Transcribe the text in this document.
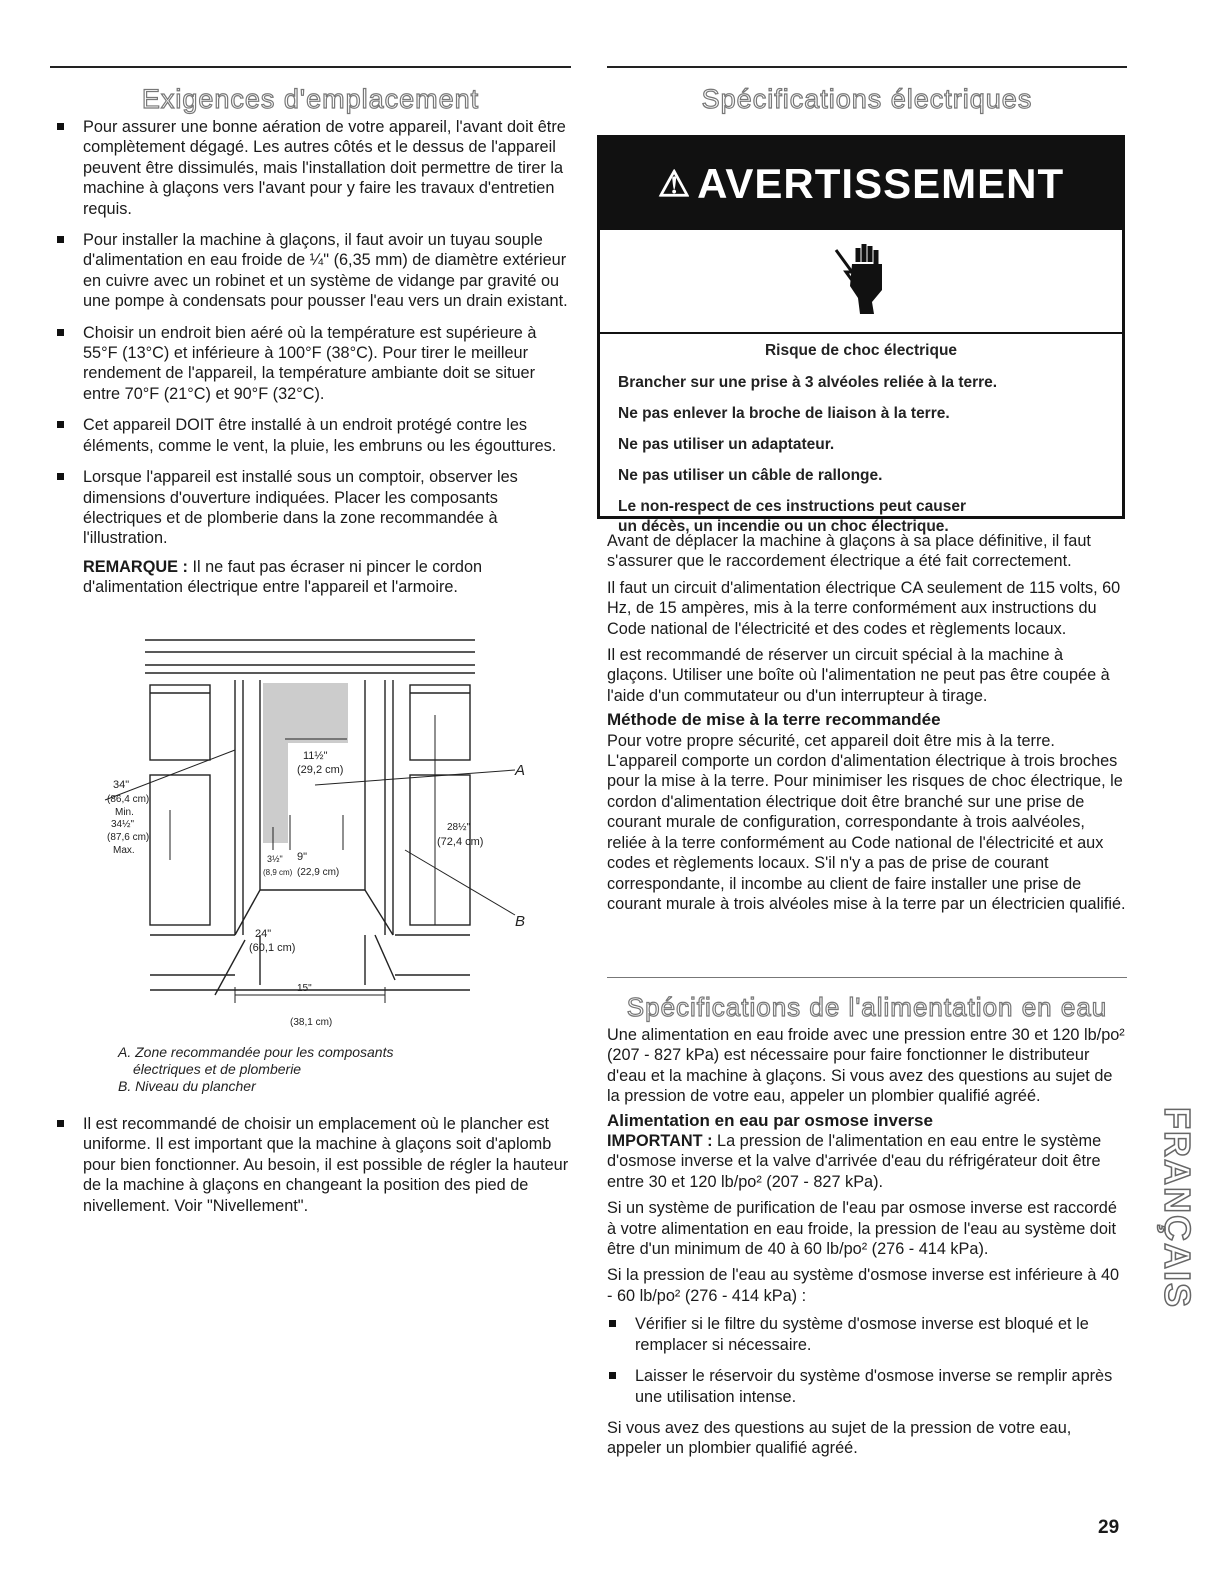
Exigences d'emplacement
Pour assurer une bonne aération de votre appareil, l'avant doit être complètement dégagé. Les autres côtés et le dessus de l'appareil peuvent être dissimulés, mais l'installation doit permettre de tirer la machine à glaçons vers l'avant pour y faire les travaux d'entretien requis.
Pour installer la machine à glaçons, il faut avoir un tuyau souple d'alimentation en eau froide de ¼" (6,35 mm) de diamètre extérieur en cuivre avec un robinet et un système de vidange par gravité ou une pompe à condensats pour pousser l'eau vers un drain existant.
Choisir un endroit bien aéré où la température est supérieure à 55°F (13°C) et inférieure à 100°F (38°C). Pour tirer le meilleur rendement de l'appareil, la température ambiante doit se situer entre 70°F (21°C) et 90°F (32°C).
Cet appareil DOIT être installé à un endroit protégé contre les éléments, comme le vent, la pluie, les embruns ou les égouttures.
Lorsque l'appareil est installé sous un comptoir, observer les dimensions d'ouverture indiquées. Placer les composants électriques et de plomberie dans la zone recommandée à l'illustration.

REMARQUE : Il ne faut pas écraser ni pincer le cordon d'alimentation électrique entre l'appareil et l'armoire.

34"
(86,4 cm)
Min.
34½"
(87,6 cm)
Max.
11½"
(29,2 cm)	A
28½"
(72,4 cm)
3½" 9"
(8,9 cm) (22,9 cm)
B
24"
(60,1 cm)
15"
(38,1 cm)
A. Zone recommandée pour les composants
électriques et de plomberie
B. Niveau du plancher
Il est recommandé de choisir un emplacement où le plancher est uniforme. Il est important que la machine à glaçons soit d'aplomb pour bien fonctionner. Au besoin, il est possible de régler la hauteur de la machine à glaçons en changeant la position des pied de nivellement. Voir "Nivellement".
Spécifications électriques
⚠ AVERTISSEMENT
Risque de choc électrique
Brancher sur une prise à 3 alvéoles reliée à la terre.
Ne pas enlever la broche de liaison à la terre.
Ne pas utiliser un adaptateur.
Ne pas utiliser un câble de rallonge.
Le non-respect de ces instructions peut causer
un décès, un incendie ou un choc électrique.

Avant de déplacer la machine à glaçons à sa place définitive, il faut s'assurer que le raccordement électrique a été fait correctement.

Il faut un circuit d'alimentation électrique CA seulement de 115 volts, 60 Hz, de 15 ampères, mis à la terre conformément aux instructions du Code national de l'électricité et des codes et règlements locaux.

Il est recommandé de réserver un circuit spécial à la machine à glaçons. Utiliser une boîte où l'alimentation ne peut pas être coupée à l'aide d'un commutateur ou d'un interrupteur à tirage.

Méthode de mise à la terre recommandée

Pour votre propre sécurité, cet appareil doit être mis à la terre. L'appareil comporte un cordon d'alimentation électrique à trois broches pour la mise à la terre. Pour minimiser les risques de choc électrique, le cordon d'alimentation électrique doit être branché sur une prise de courant murale de configuration, correspondante à trois aalvéoles, reliée à la terre conformément au Code national de l'électricité et aux codes et règlements locaux. S'il n'y a pas de prise de courant correspondante, il incombe au client de faire installer une prise de courant murale à trois alvéoles mise à la terre par un électricien qualifié.

Spécifications de l'alimentation en eau

Une alimentation en eau froide avec une pression entre 30 et 120 lb/po² (207 - 827 kPa) est nécessaire pour faire fonctionner le distributeur d'eau et la machine à glaçons. Si vous avez des questions au sujet de la pression de votre eau, appeler un plombier qualifié agréé.

Alimentation en eau par osmose inverse

IMPORTANT : La pression de l'alimentation en eau entre le système d'osmose inverse et la valve d'arrivée d'eau du réfrigérateur doit être entre 30 et 120 lb/po² (207 - 827 kPa).

Si un système de purification de l'eau par osmose inverse est raccordé à votre alimentation en eau froide, la pression de l'eau au système doit être d'un minimum de 40 à 60 lb/po² (276 - 414 kPa).

Si la pression de l'eau au système d'osmose inverse est inférieure à 40 - 60 lb/po² (276 - 414 kPa) :

Vérifier si le filtre du système d'osmose inverse est bloqué et le remplacer si nécessaire.
Laisser le réservoir du système d'osmose inverse se remplir après une utilisation intense.

Si vous avez des questions au sujet de la pression de votre eau, appeler un plombier qualifié agréé.

FRANÇAIS
29
